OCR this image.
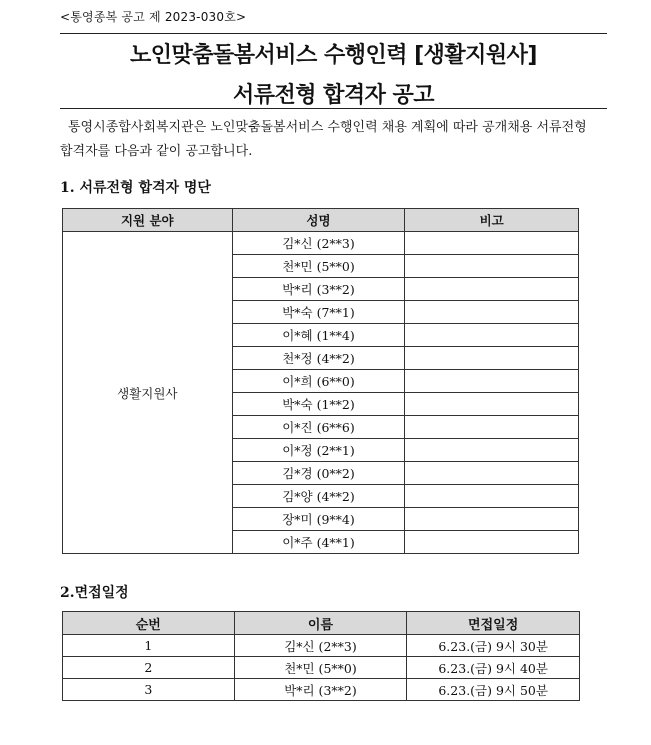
<통영종복 공고 제 2023-030호>
노인맞춤돌봄서비스 수행인력 [생활지원사]
서류전형 합격자 공고

통영시종합사회복지관은 노인맞춤돌봄서비스 수행인력 채용 계획에 따라 공개채용 서류전형 합격자를 다음과 같이 공고합니다.

1. 서류전형 합격자 명단
지원 분야	성명	비고
생활지원사	김*신 (2**3)	
	천*민 (5**0)	
	박*리 (3**2)	
	박*숙 (7**1)	
	이*혜 (1**4)	
	천*정 (4**2)	
	이*희 (6**0)	
	박*숙 (1**2)	
	이*진 (6**6)	
	이*정 (2**1)	
	김*경 (0**2)	
	김*양 (4**2)	
	장*미 (9**4)	
	이*주 (4**1)	
2.면접일정
순번	이름	면접일정
1	김*신 (2**3)	6.23.(금) 9시 30분
2	천*민 (5**0)	6.23.(금) 9시 40분
3	박*리 (3**2)	6.23.(금) 9시 50분
